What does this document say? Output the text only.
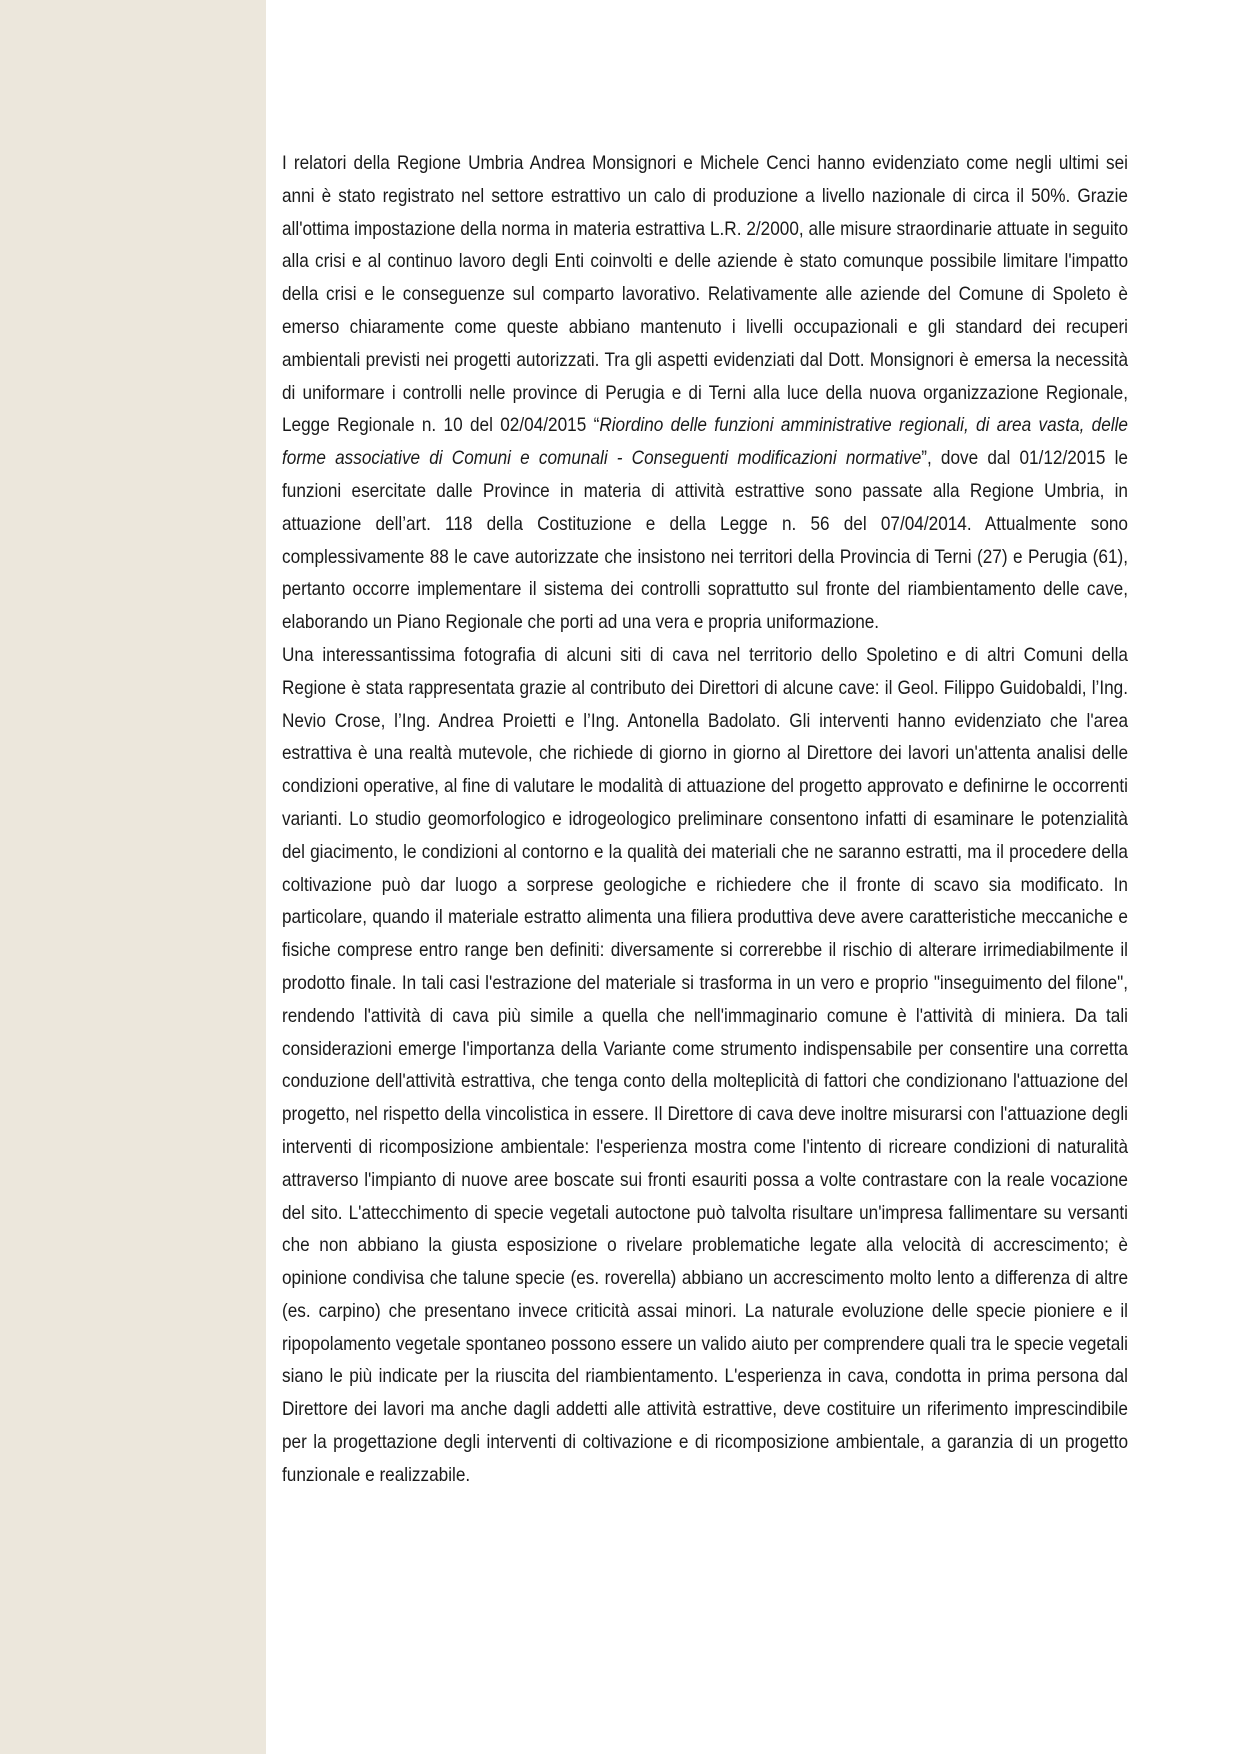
I relatori della Regione Umbria Andrea Monsignori e Michele Cenci hanno evidenziato come negli ultimi sei anni è stato registrato nel settore estrattivo un calo di produzione a livello nazionale di circa il 50%. Grazie all'ottima impostazione della norma in materia estrattiva L.R. 2/2000, alle misure straordinarie attuate in seguito alla crisi e al continuo lavoro degli Enti coinvolti e delle aziende è stato comunque possibile limitare l'impatto della crisi e le conseguenze sul comparto lavorativo. Relativamente alle aziende del Comune di Spoleto è emerso chiaramente come queste abbiano mantenuto i livelli occupazionali e gli standard dei recuperi ambientali previsti nei progetti autorizzati. Tra gli aspetti evidenziati dal Dott. Monsignori è emersa la necessità di uniformare i controlli nelle province di Perugia e di Terni alla luce della nuova organizzazione Regionale, Legge Regionale n. 10 del 02/04/2015 “Riordino delle funzioni amministrative regionali, di area vasta, delle forme associative di Comuni e comunali - Conseguenti modificazioni normative”, dove dal 01/12/2015 le funzioni esercitate dalle Province in materia di attività estrattive sono passate alla Regione Umbria, in attuazione dell’art. 118 della Costituzione e della Legge n. 56 del 07/04/2014. Attualmente sono complessivamente 88 le cave autorizzate che insistono nei territori della Provincia di Terni (27) e Perugia (61), pertanto occorre implementare il sistema dei controlli soprattutto sul fronte del riambientamento delle cave, elaborando un Piano Regionale che porti ad una vera e propria uniformazione.

Una interessantissima fotografia di alcuni siti di cava nel territorio dello Spoletino e di altri Comuni della Regione è stata rappresentata grazie al contributo dei Direttori di alcune cave: il Geol. Filippo Guidobaldi, l’Ing. Nevio Crose, l’Ing. Andrea Proietti e l’Ing. Antonella Badolato. Gli interventi hanno evidenziato che l'area estrattiva è una realtà mutevole, che richiede di giorno in giorno al Direttore dei lavori un'attenta analisi delle condizioni operative, al fine di valutare le modalità di attuazione del progetto approvato e definirne le occorrenti varianti. Lo studio geomorfologico e idrogeologico preliminare consentono infatti di esaminare le potenzialità del giacimento, le condizioni al contorno e la qualità dei materiali che ne saranno estratti, ma il procedere della coltivazione può dar luogo a sorprese geologiche e richiedere che il fronte di scavo sia modificato. In particolare, quando il materiale estratto alimenta una filiera produttiva deve avere caratteristiche meccaniche e fisiche comprese entro range ben definiti: diversamente si correrebbe il rischio di alterare irrimediabilmente il prodotto finale. In tali casi l'estrazione del materiale si trasforma in un vero e proprio "inseguimento del filone", rendendo l'attività di cava più simile a quella che nell'immaginario comune è l'attività di miniera. Da tali considerazioni emerge l'importanza della Variante come strumento indispensabile per consentire una corretta conduzione dell'attività estrattiva, che tenga conto della molteplicità di fattori che condizionano l'attuazione del progetto, nel rispetto della vincolistica in essere. Il Direttore di cava deve inoltre misurarsi con l'attuazione degli interventi di ricomposizione ambientale: l'esperienza mostra come l'intento di ricreare condizioni di naturalità attraverso l'impianto di nuove aree boscate sui fronti esauriti possa a volte contrastare con la reale vocazione del sito. L'attecchimento di specie vegetali autoctone può talvolta risultare un'impresa fallimentare su versanti che non abbiano la giusta esposizione o rivelare problematiche legate alla velocità di accrescimento; è opinione condivisa che talune specie (es. roverella) abbiano un accrescimento molto lento a differenza di altre (es. carpino) che presentano invece criticità assai minori. La naturale evoluzione delle specie pioniere e il ripopolamento vegetale spontaneo possono essere un valido aiuto per comprendere quali tra le specie vegetali siano le più indicate per la riuscita del riambientamento. L'esperienza in cava, condotta in prima persona dal Direttore dei lavori ma anche dagli addetti alle attività estrattive, deve costituire un riferimento imprescindibile per la progettazione degli interventi di coltivazione e di ricomposizione ambientale, a garanzia di un progetto funzionale e realizzabile.
